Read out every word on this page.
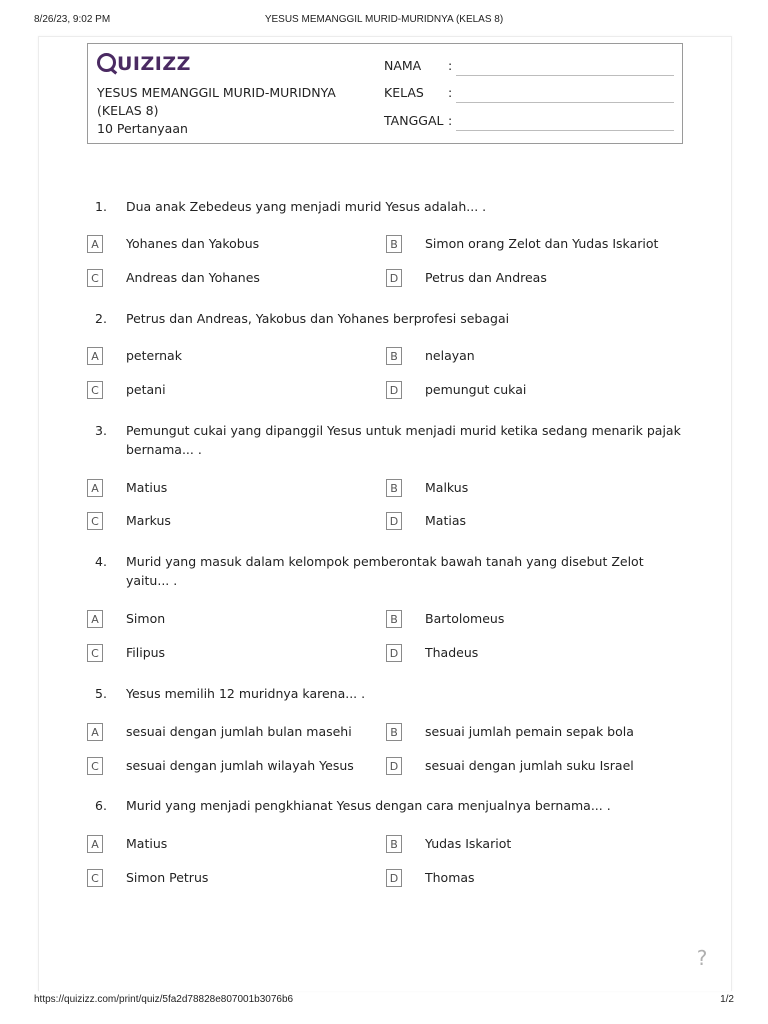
8/26/23, 9:02 PM	YESUS MEMANGGIL MURID-MURIDNYA (KELAS 8)
UIZIZZ
YESUS MEMANGGIL MURID-MURIDNYA (KELAS 8)
10 Pertanyaan
NAMA :
KELAS :
TANGGAL :
1. Dua anak Zebedeus yang menjadi murid Yesus adalah... .
A	Yohanes dan Yakobus	B	Simon orang Zelot dan Yudas Iskariot
C	Andreas dan Yohanes	D	Petrus dan Andreas
2. Petrus dan Andreas, Yakobus dan Yohanes berprofesi sebagai
A	peternak	B	nelayan
C	petani	D	pemungut cukai
3. Pemungut cukai yang dipanggil Yesus untuk menjadi murid ketika sedang menarik pajak bernama... .
A	Matius	B	Malkus
C	Markus	D	Matias
4. Murid yang masuk dalam kelompok pemberontak bawah tanah yang disebut Zelot yaitu... .
A	Simon	B	Bartolomeus
C	Filipus	D	Thadeus
5. Yesus memilih 12 muridnya karena... .
A	sesuai dengan jumlah bulan masehi	B	sesuai jumlah pemain sepak bola
C	sesuai dengan jumlah wilayah Yesus	D	sesuai dengan jumlah suku Israel
6. Murid yang menjadi pengkhianat Yesus dengan cara menjualnya bernama... .
A	Matius	B	Yudas Iskariot
C	Simon Petrus	D	Thomas
?
https://quizizz.com/print/quiz/5fa2d78828e807001b3076b6	1/2
